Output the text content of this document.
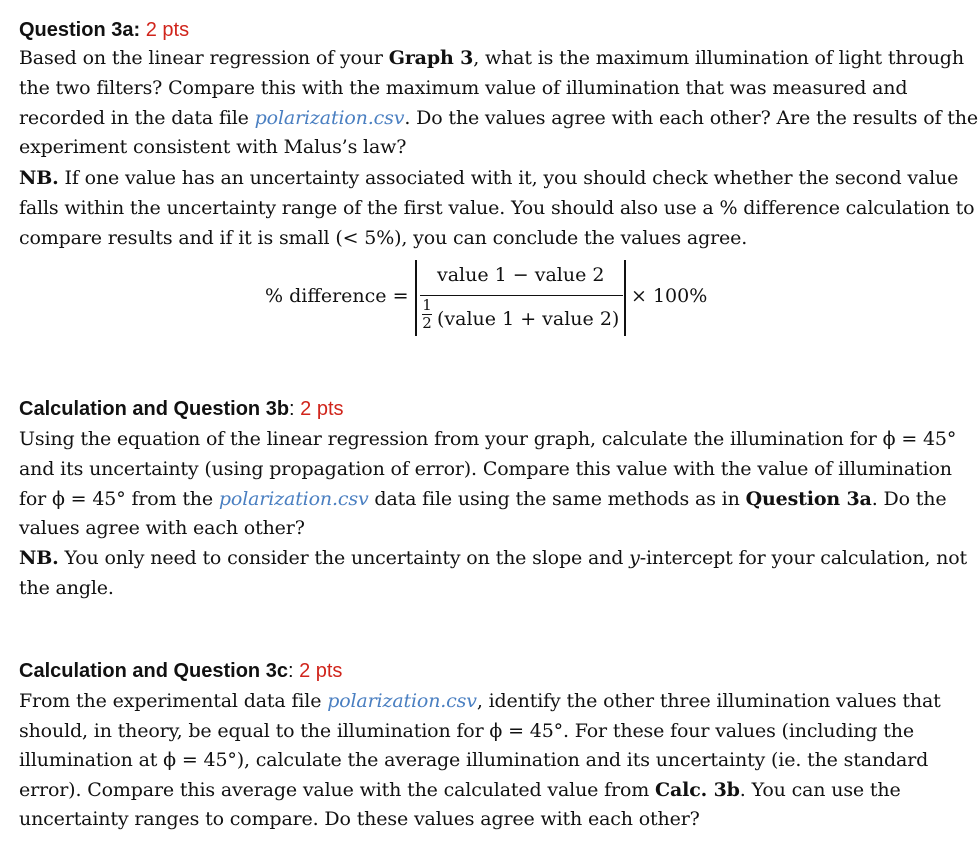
Question 3a: 2 pts
Based on the linear regression of your Graph 3, what is the maximum illumination of light through
the two filters? Compare this with the maximum value of illumination that was measured and
recorded in the data file polarization.csv. Do the values agree with each other? Are the results of the
experiment consistent with Malus’s law?
NB. If one value has an uncertainty associated with it, you should check whether the second value
falls within the uncertainty range of the first value. You should also use a % difference calculation to
compare results and if it is small (< 5%), you can conclude the values agree.
% difference =
value 1 − value 2
1
2 (value 1 + value 2)
× 100%
Calculation and Question 3b: 2 pts
Using the equation of the linear regression from your graph, calculate the illumination for ϕ = 45°
and its uncertainty (using propagation of error). Compare this value with the value of illumination
for ϕ = 45° from the polarization.csv data file using the same methods as in Question 3a. Do the
values agree with each other?
NB. You only need to consider the uncertainty on the slope and y-intercept for your calculation, not
the angle.
Calculation and Question 3c: 2 pts
From the experimental data file polarization.csv, identify the other three illumination values that
should, in theory, be equal to the illumination for ϕ = 45°. For these four values (including the
illumination at ϕ = 45°), calculate the average illumination and its uncertainty (ie. the standard
error). Compare this average value with the calculated value from Calc. 3b. You can use the
uncertainty ranges to compare. Do these values agree with each other?
